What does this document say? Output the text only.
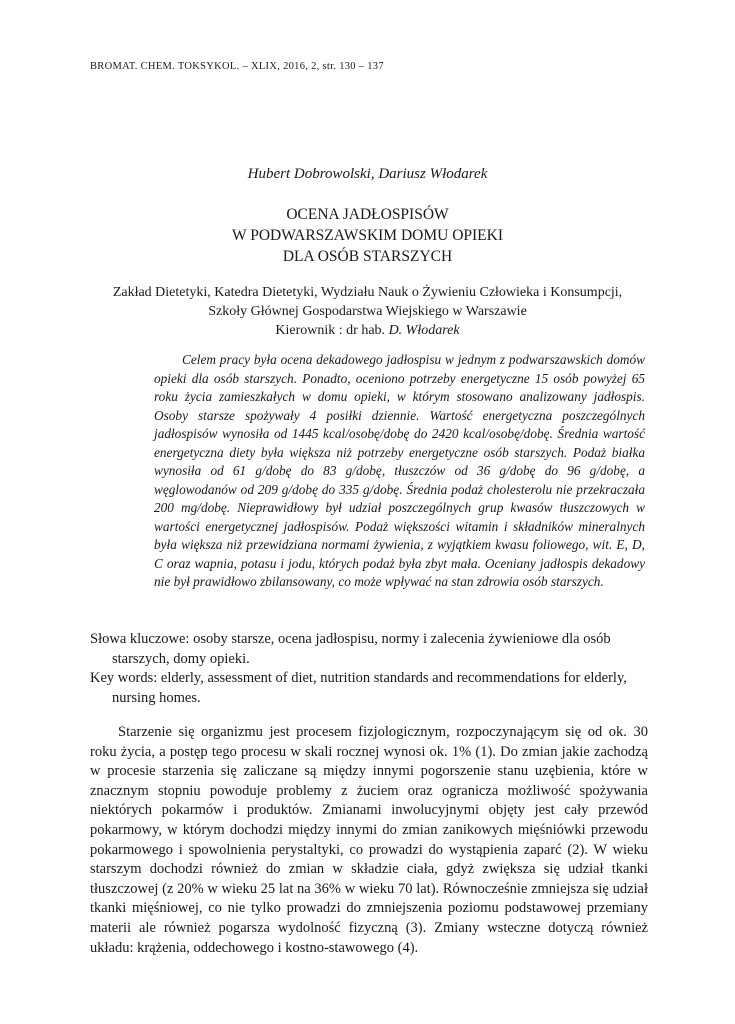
BROMAT. CHEM. TOKSYKOL. – XLIX, 2016, 2, str. 130 – 137
Hubert Dobrowolski, Dariusz Włodarek
OCENA JADŁOSPISÓW
W PODWARSZAWSKIM DOMU OPIEKI
DLA OSÓB STARSZYCH
Zakład Dietetyki, Katedra Dietetyki, Wydziału Nauk o Żywieniu Człowieka i Konsumpcji,
Szkoły Głównej Gospodarstwa Wiejskiego w Warszawie
Kierownik : dr hab. D. Włodarek

Celem pracy była ocena dekadowego jadłospisu w jednym z podwarszawskich domów opieki dla osób starszych. Ponadto, oceniono potrzeby energetyczne 15 osób powyżej 65 roku życia zamieszkałych w domu opieki, w którym stosowano analizowany jadłospis. Osoby starsze spożywały 4 posiłki dziennie. Wartość energetyczna poszczególnych jadłospisów wynosiła od 1445 kcal/osobę/dobę do 2420 kcal/osobę/dobę. Średnia wartość energetyczna diety była większa niż potrzeby energetyczne osób starszych. Podaż białka wynosiła od 61 g/dobę do 83 g/dobę, tłuszczów od 36 g/dobę do 96 g/dobę, a węglowodanów od 209 g/dobę do 335 g/dobę. Średnia podaż cholesterolu nie przekraczała 200 mg/dobę. Nieprawidłowy był udział poszczególnych grup kwasów tłuszczowych w wartości energetycznej jadłospisów. Podaż większości witamin i składników mineralnych była większa niż przewidziana normami żywienia, z wyjątkiem kwasu foliowego, wit. E, D, C oraz wapnia, potasu i jodu, których podaż była zbyt mała. Oceniany jadłospis dekadowy nie był prawidłowo zbilansowany, co może wpływać na stan zdrowia osób starszych.

Słowa kluczowe: osoby starsze, ocena jadłospisu, normy i zalecenia żywieniowe dla osób starszych, domy opieki.

Key words: elderly, assessment of diet, nutrition standards and recommendations for elderly, nursing homes.

Starzenie się organizmu jest procesem fizjologicznym, rozpoczynającym się od ok. 30 roku życia, a postęp tego procesu w skali rocznej wynosi ok. 1% (1). Do zmian jakie zachodzą w procesie starzenia się zaliczane są między innymi pogorszenie stanu uzębienia, które w znacznym stopniu powoduje problemy z żuciem oraz ogranicza możliwość spożywania niektórych pokarmów i produktów. Zmianami inwolucyjnymi objęty jest cały przewód pokarmowy, w którym dochodzi między innymi do zmian zanikowych mięśniówki przewodu pokarmowego i spowolnienia perystaltyki, co prowadzi do wystąpienia zaparć (2). W wieku starszym dochodzi również do zmian w składzie ciała, gdyż zwiększa się udział tkanki tłuszczowej (z 20% w wieku 25 lat na 36% w wieku 70 lat). Równocześnie zmniejsza się udział tkanki mięśniowej, co nie tylko prowadzi do zmniejszenia poziomu podstawowej przemiany materii ale również pogarsza wydolność fizyczną (3). Zmiany wsteczne dotyczą również układu: krążenia, oddechowego i kostno-stawowego (4).
